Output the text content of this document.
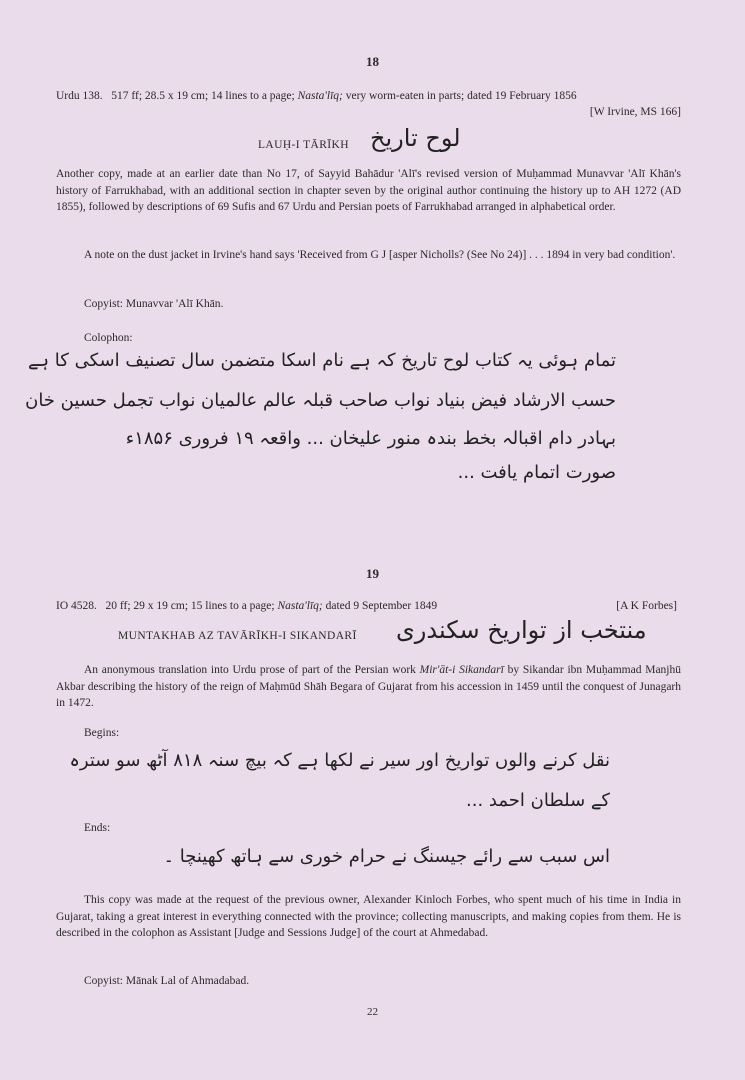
18
Urdu 138. 517 ff; 28.5 x 19 cm; 14 lines to a page; Nasta'līq; very worm-eaten in parts; dated 19 February 1856
[W Irvine, MS 166]
LAUḤ-I TĀRĪKH لوح تاریخ
Another copy, made at an earlier date than No 17, of Sayyid Bahādur 'Alī's revised version of Muḥammad Munavvar 'Alī Khān's history of Farrukhabad, with an additional section in chapter seven by the original author continuing the history up to AH 1272 (AD 1855), followed by descriptions of 69 Sufis and 67 Urdu and Persian poets of Farrukhabad arranged in alphabetical order.
A note on the dust jacket in Irvine's hand says 'Received from G J [asper Nicholls? (See No 24)] . . . 1894 in very bad condition'.
Copyist: Munavvar 'Alī Khān.
Colophon:
تمام ہوئی یہ کتاب لوح تاریخ کہ ہے نام اسکا متضمن سال تصنیف اسکی کا ہے
حسب الارشاد فیض بنیاد نواب صاحب قبلہ عالم عالمیان نواب تجمل حسین خان
بہادر دام اقبالہ بخط بندہ منور علیخان ... واقعہ ۱۹ فروری ۱۸۵۶ء
صورت اتمام یافت ...
19
IO 4528. 20 ff; 29 x 19 cm; 15 lines to a page; Nasta'līq; dated 9 September 1849	[A K Forbes]
MUNTAKHAB AZ TAVĀRĪKH-I SIKANDARĪ منتخب از تواریخ سکندری
An anonymous translation into Urdu prose of part of the Persian work Mir'āt-i Sikandarī by Sikandar ibn Muḥammad Manjhū Akbar describing the history of the reign of Maḥmūd Shāh Begara of Gujarat from his accession in 1459 until the conquest of Junagarh in 1472.
Begins:
نقل کرنے والوں تواریخ اور سیر نے لکھا ہے کہ بیچ سنہ ۸۱۸ آٹھ سو سترہ
کے سلطان احمد ...
Ends:
اس سبب سے رائے جیسنگ نے حرام خوری سے ہاتھ کھینچا ۔
This copy was made at the request of the previous owner, Alexander Kinloch Forbes, who spent much of his time in India in Gujarat, taking a great interest in everything connected with the province; collecting manuscripts, and making copies from them. He is described in the colophon as Assistant [Judge and Sessions Judge] of the court at Ahmedabad.
Copyist: Mānak Lal of Ahmadabad.
22
